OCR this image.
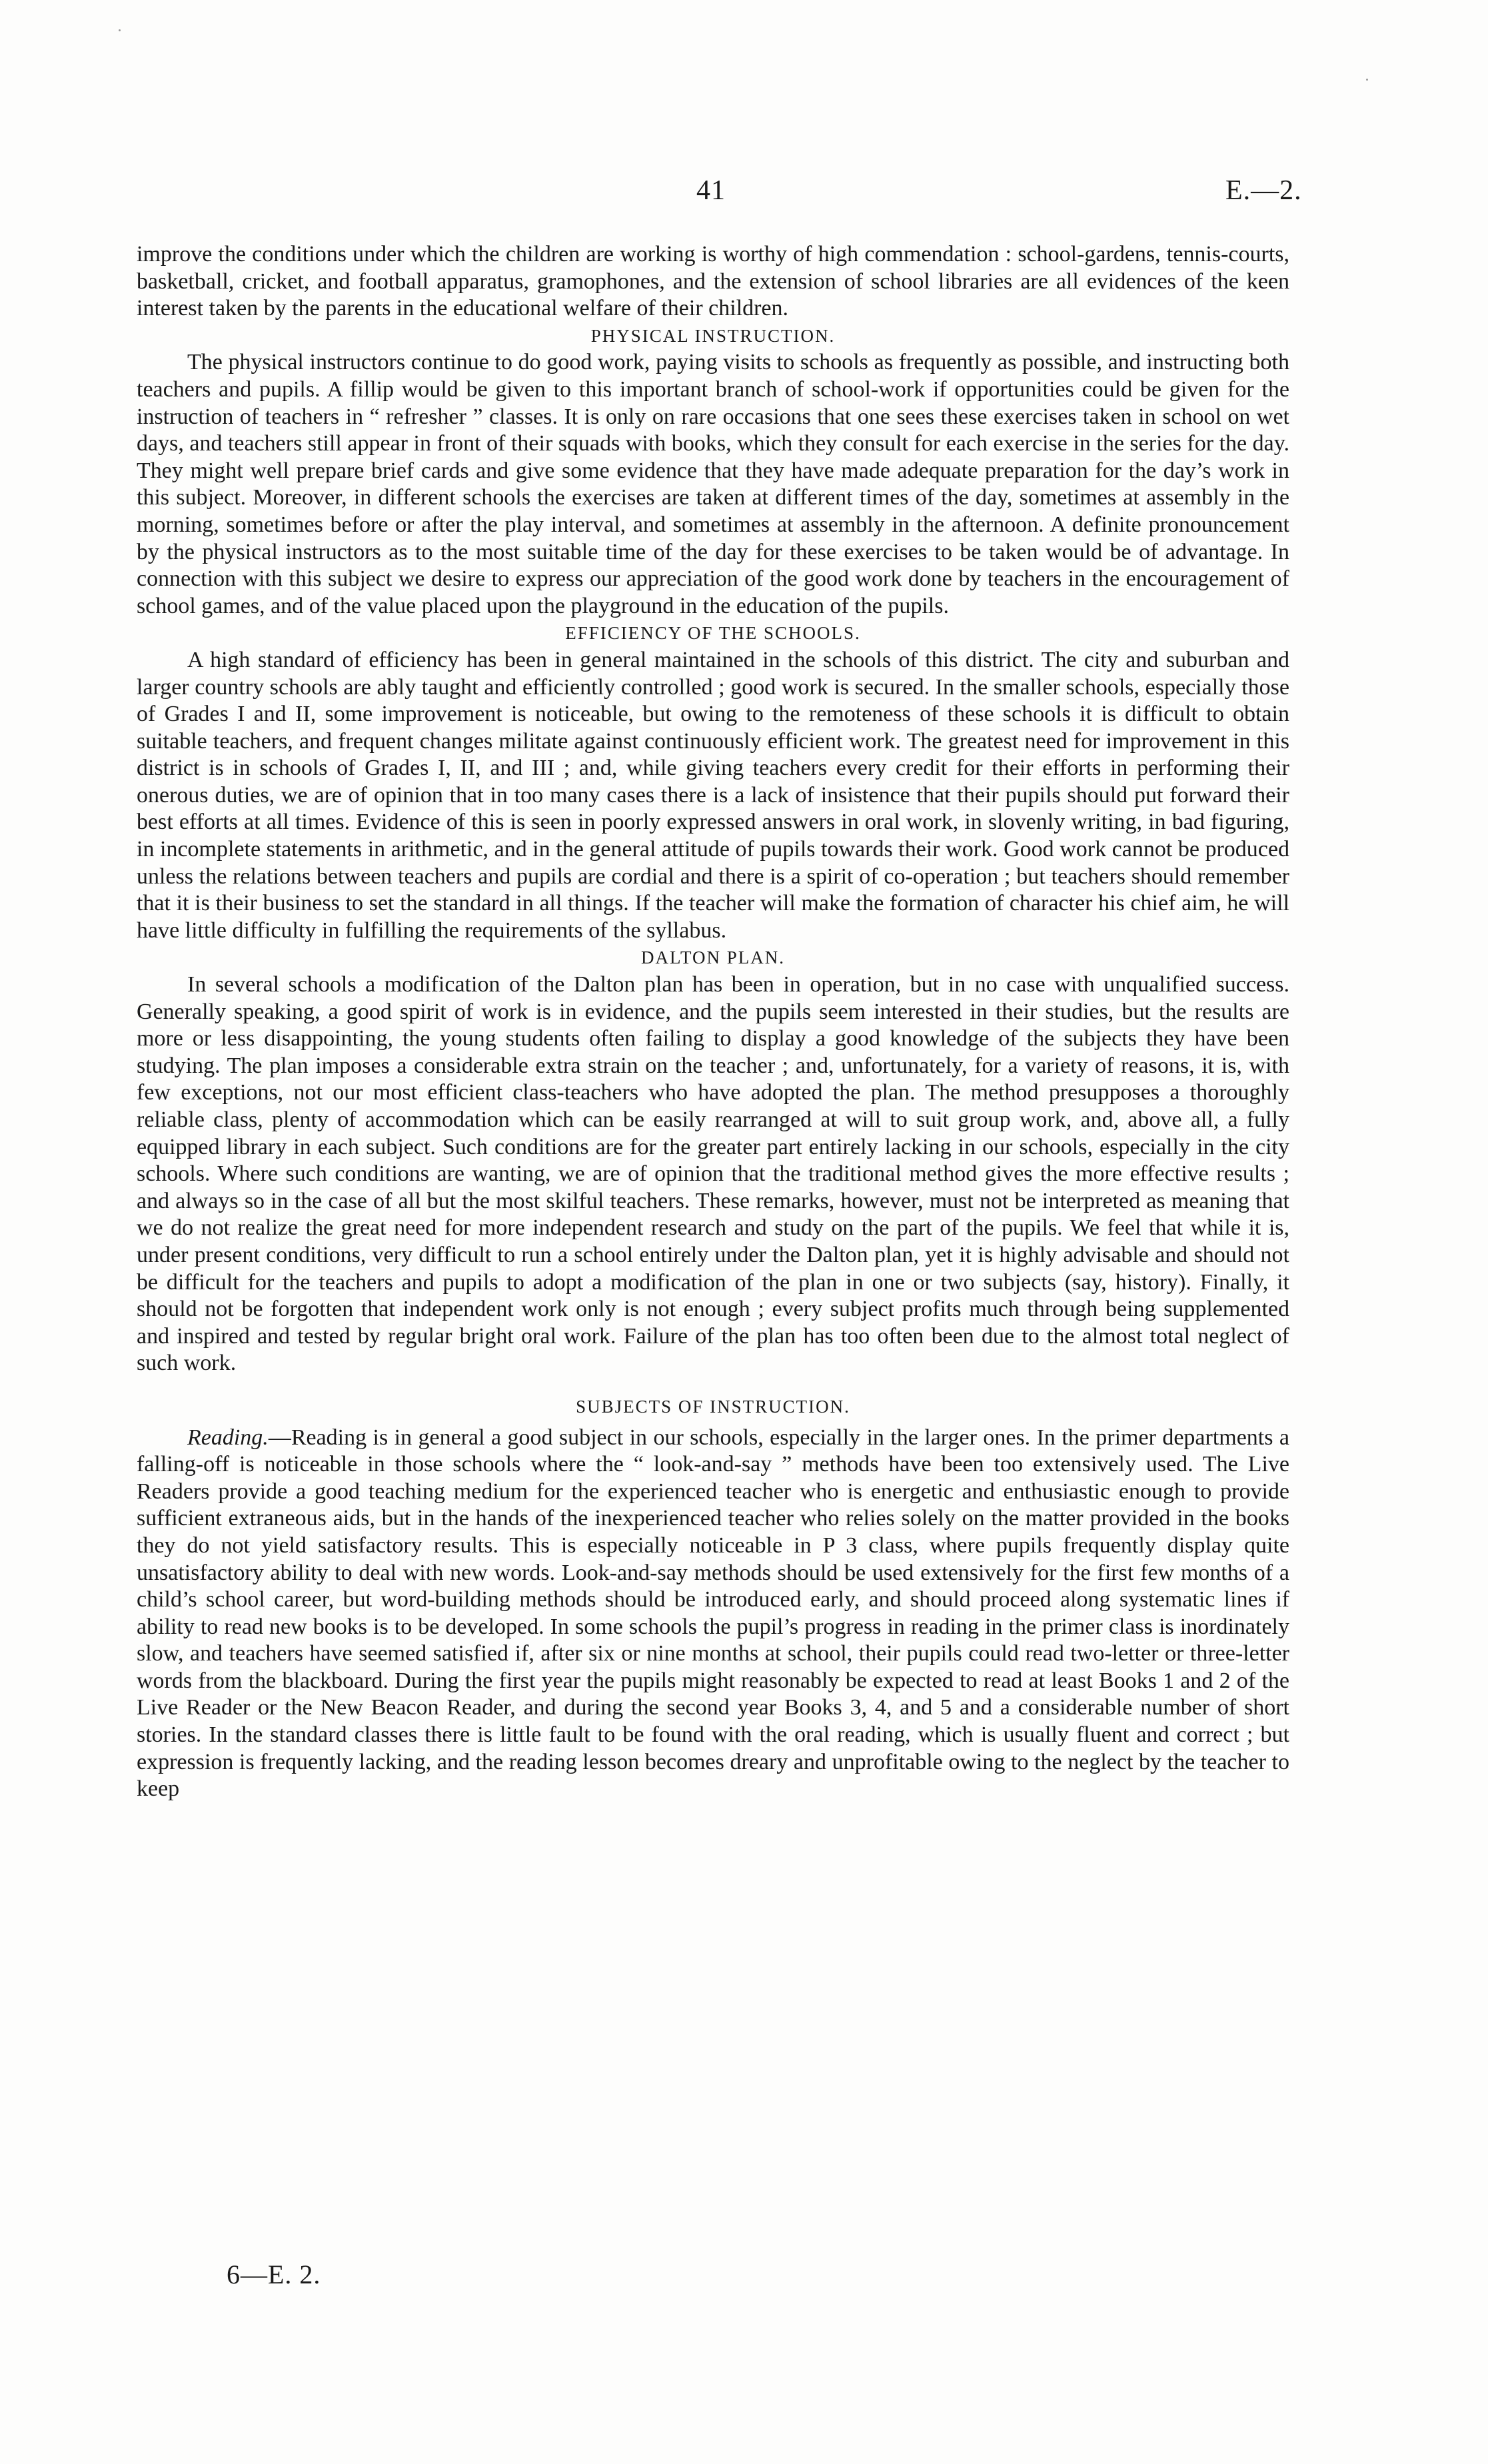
41	E.—2.

improve the conditions under which the children are working is worthy of high commendation : school-gardens, tennis-courts, basketball, cricket, and football apparatus, gramophones, and the extension of school libraries are all evidences of the keen interest taken by the parents in the educational welfare of their children.

PHYSICAL INSTRUCTION.

The physical instructors continue to do good work, paying visits to schools as frequently as possible, and instructing both teachers and pupils. A fillip would be given to this important branch of school-work if opportunities could be given for the instruction of teachers in “ refresher ” classes. It is only on rare occasions that one sees these exercises taken in school on wet days, and teachers still appear in front of their squads with books, which they consult for each exercise in the series for the day. They might well prepare brief cards and give some evidence that they have made adequate preparation for the day’s work in this subject. Moreover, in different schools the exercises are taken at different times of the day, sometimes at assembly in the morning, sometimes before or after the play interval, and sometimes at assembly in the afternoon. A definite pronouncement by the physical instructors as to the most suitable time of the day for these exercises to be taken would be of advantage. In connection with this subject we desire to express our appreciation of the good work done by teachers in the encouragement of school games, and of the value placed upon the playground in the education of the pupils.

EFFICIENCY OF THE SCHOOLS.

A high standard of efficiency has been in general maintained in the schools of this district. The city and suburban and larger country schools are ably taught and efficiently controlled ; good work is secured. In the smaller schools, especially those of Grades I and II, some improvement is noticeable, but owing to the remoteness of these schools it is difficult to obtain suitable teachers, and frequent changes militate against continuously efficient work. The greatest need for improvement in this district is in schools of Grades I, II, and III ; and, while giving teachers every credit for their efforts in performing their onerous duties, we are of opinion that in too many cases there is a lack of insistence that their pupils should put forward their best efforts at all times. Evidence of this is seen in poorly expressed answers in oral work, in slovenly writing, in bad figuring, in incomplete statements in arithmetic, and in the general attitude of pupils towards their work. Good work cannot be produced unless the relations between teachers and pupils are cordial and there is a spirit of co-operation ; but teachers should remember that it is their business to set the standard in all things. If the teacher will make the formation of character his chief aim, he will have little difficulty in fulfilling the requirements of the syllabus.

DALTON PLAN.

In several schools a modification of the Dalton plan has been in operation, but in no case with unqualified success. Generally speaking, a good spirit of work is in evidence, and the pupils seem interested in their studies, but the results are more or less disappointing, the young students often failing to display a good knowledge of the subjects they have been studying. The plan imposes a considerable extra strain on the teacher ; and, unfortunately, for a variety of reasons, it is, with few exceptions, not our most efficient class-teachers who have adopted the plan. The method presupposes a thoroughly reliable class, plenty of accommodation which can be easily rearranged at will to suit group work, and, above all, a fully equipped library in each subject. Such conditions are for the greater part entirely lacking in our schools, especially in the city schools. Where such conditions are wanting, we are of opinion that the traditional method gives the more effective results ; and always so in the case of all but the most skilful teachers. These remarks, however, must not be interpreted as meaning that we do not realize the great need for more independent research and study on the part of the pupils. We feel that while it is, under present conditions, very difficult to run a school entirely under the Dalton plan, yet it is highly advisable and should not be difficult for the teachers and pupils to adopt a modification of the plan in one or two subjects (say, history). Finally, it should not be forgotten that independent work only is not enough ; every subject profits much through being supplemented and inspired and tested by regular bright oral work. Failure of the plan has too often been due to the almost total neglect of such work.

SUBJECTS OF INSTRUCTION.

Reading.—Reading is in general a good subject in our schools, especially in the larger ones. In the primer departments a falling-off is noticeable in those schools where the “ look-and-say ” methods have been too extensively used. The Live Readers provide a good teaching medium for the experienced teacher who is energetic and enthusiastic enough to provide sufficient extraneous aids, but in the hands of the inexperienced teacher who relies solely on the matter provided in the books they do not yield satisfactory results. This is especially noticeable in P 3 class, where pupils frequently display quite unsatisfactory ability to deal with new words. Look-and-say methods should be used extensively for the first few months of a child’s school career, but word-building methods should be introduced early, and should proceed along systematic lines if ability to read new books is to be developed. In some schools the pupil’s progress in reading in the primer class is inordinately slow, and teachers have seemed satisfied if, after six or nine months at school, their pupils could read two-letter or three-letter words from the blackboard. During the first year the pupils might reasonably be expected to read at least Books 1 and 2 of the Live Reader or the New Beacon Reader, and during the second year Books 3, 4, and 5 and a considerable number of short stories. In the standard classes there is little fault to be found with the oral reading, which is usually fluent and correct ; but expression is frequently lacking, and the reading lesson becomes dreary and unprofitable owing to the neglect by the teacher to keep

6—E. 2.
